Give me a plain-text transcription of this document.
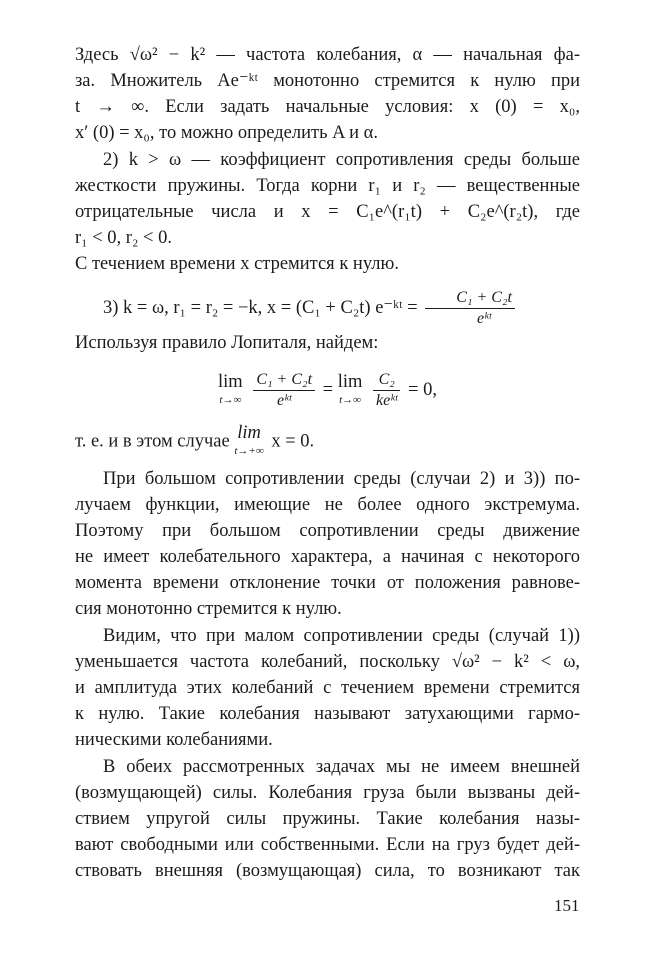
Здесь √ω² − k² — частота колебания, α — начальная фа-
за. Множитель Ae⁻ᵏᵗ монотонно стремится к нулю при
t → ∞. Если задать начальные условия: x (0) = x₀,
x′ (0) = x₀, то можно определить A и α.
2) k > ω — коэффициент сопротивления среды больше
жесткости пружины. Тогда корни r₁ и r₂ — вещественные
отрицательные числа и x = C₁e^(r₁t) + C₂e^(r₂t), где
r₁ < 0, r₂ < 0.
С течением времени x стремится к нулю.
3) k = ω, r₁ = r₂ = −k, x = (C₁ + C₂t) e⁻ᵏᵗ = $\frac{\text{C₁ + C₂t}}{\text{eᵏᵗ}}$
Используя правило Лопиталя, найдем:
lim
t→∞
$\frac{\text{C₁ + C₂t}}{\text{eᵏᵗ}} = \lim$
t→∞
$\frac{\text{C₂}}{\text{keᵏᵗ}} = 0$,
т. е. и в этом случае lim
t→+∞ x = 0.
При большом сопротивлении среды (случаи 2) и 3)) по-
лучаем функции, имеющие не более одного экстремума.
Поэтому при большом сопротивлении среды движение
не имеет колебательного характера, а начиная с некоторого
момента времени отклонение точки от положения равнове-
сия монотонно стремится к нулю.
Видим, что при малом сопротивлении среды (случай 1))
уменьшается частота колебаний, поскольку √ω² − k² < ω,
и амплитуда этих колебаний с течением времени стремится
к нулю. Такие колебания называют затухающими гармо-
ническими колебаниями.
В обеих рассмотренных задачах мы не имеем внешней
(возмущающей) силы. Колебания груза были вызваны дей-
ствием упругой силы пружины. Такие колебания назы-
вают свободными или собственными. Если на груз будет дей-
ствовать внешняя (возмущающая) сила, то возникают так
151
